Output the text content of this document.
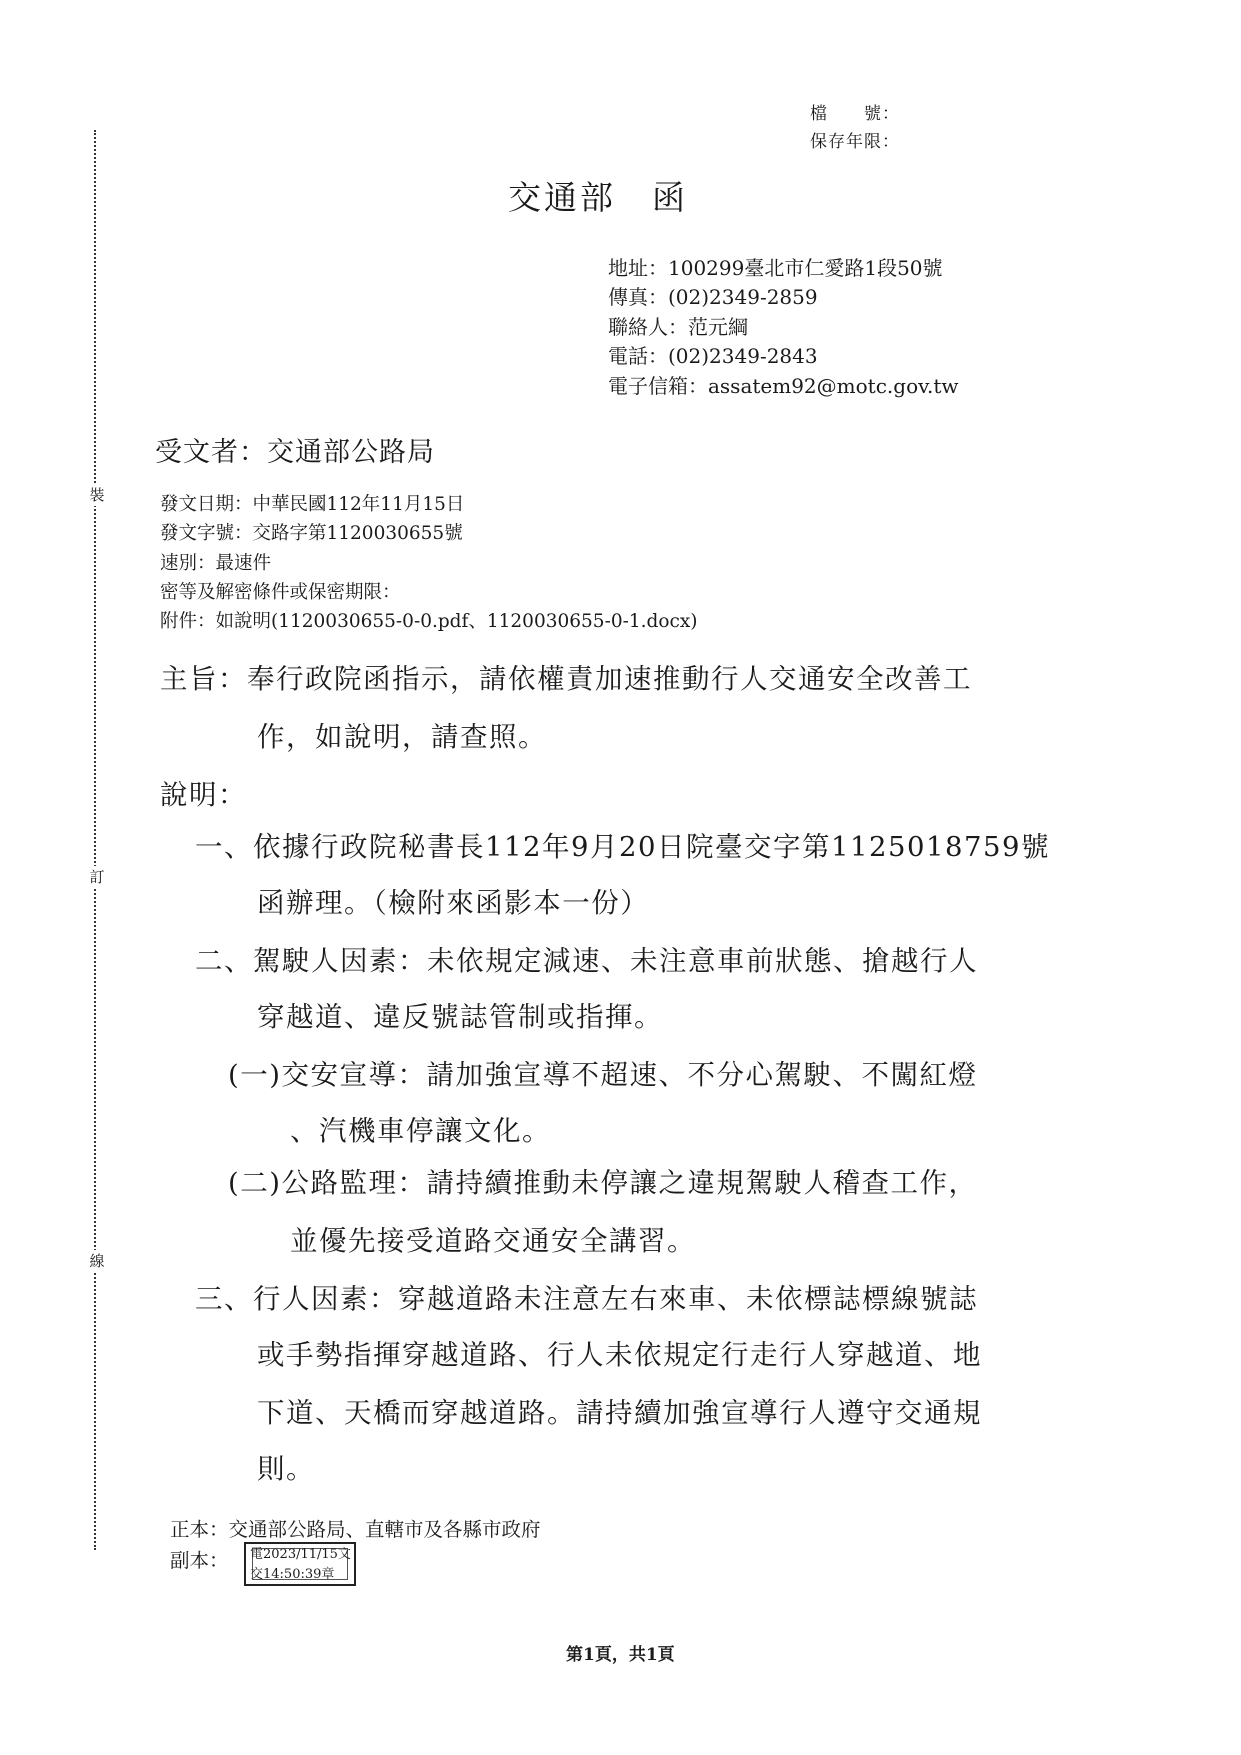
裝
訂
線
檔　　號：
保存年限：
交通部　函
地址：100299臺北市仁愛路1段50號
傳真：(02)2349-2859
聯絡人：范元綱
電話：(02)2349-2843
電子信箱：assatem92@motc.gov.tw
受文者：交通部公路局
發文日期：中華民國112年11月15日
發文字號：交路字第1120030655號
速別：最速件
密等及解密條件或保密期限：
附件：如說明(1120030655-0-0.pdf、1120030655-0-1.docx)
主旨：奉行政院函指示，請依權責加速推動行人交通安全改善工
作，如說明，請查照。
說明：
一、依據行政院秘書長112年9月20日院臺交字第1125018759號
函辦理。（檢附來函影本一份）
二、駕駛人因素：未依規定減速、未注意車前狀態、搶越行人
穿越道、違反號誌管制或指揮。
(一)交安宣導：請加強宣導不超速、不分心駕駛、不闖紅燈
、汽機車停讓文化。
(二)公路監理：請持續推動未停讓之違規駕駛人稽查工作，
並優先接受道路交通安全講習。
三、行人因素：穿越道路未注意左右來車、未依標誌標線號誌
或手勢指揮穿越道路、行人未依規定行走行人穿越道、地
下道、天橋而穿越道路。請持續加強宣導行人遵守交通規
則。
正本：交通部公路局、直轄市及各縣市政府
副本： 電2023/11/15文
交14:50:39章
第1頁，共1頁
